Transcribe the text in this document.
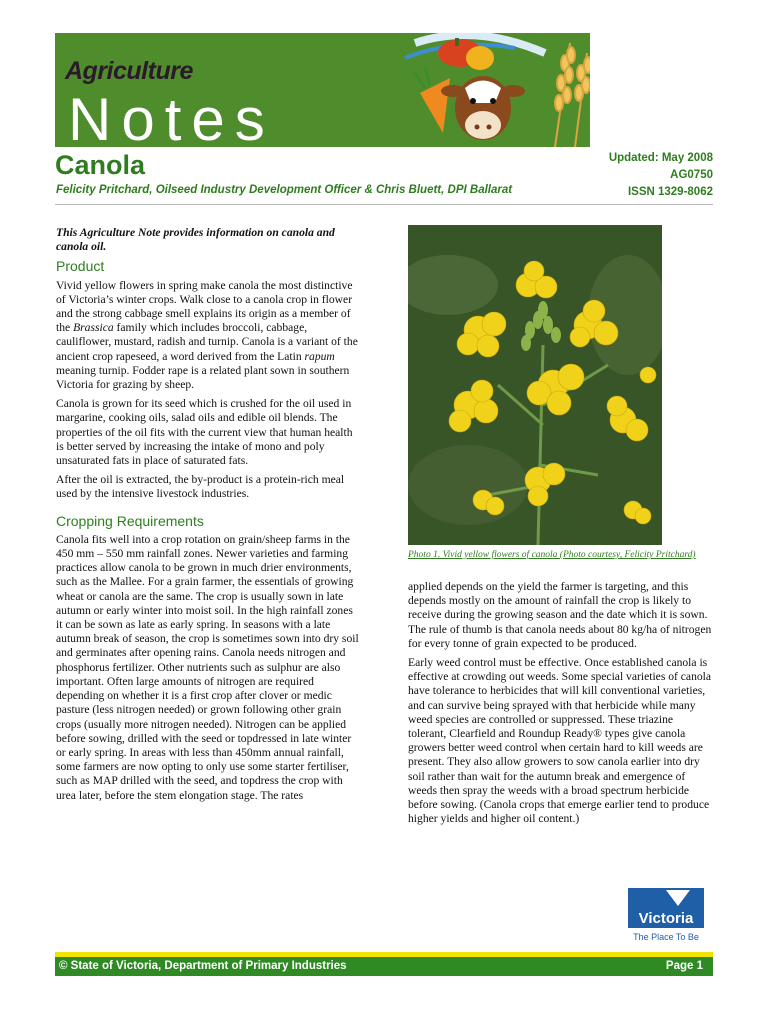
Agriculture
Notes
Canola
Felicity Pritchard, Oilseed Industry Development Officer & Chris Bluett, DPI Ballarat
Updated: May 2008
AG0750
ISSN 1329-8062

This Agriculture Note provides information on canola and canola oil.

Product

Vivid yellow flowers in spring make canola the most distinctive of Victoria’s winter crops. Walk close to a canola crop in flower and the strong cabbage smell explains its origin as a member of the Brassica family which includes broccoli, cabbage, cauliflower, mustard, radish and turnip. Canola is a variant of the ancient crop rapeseed, a word derived from the Latin rapum meaning turnip. Fodder rape is a related plant sown in southern Victoria for grazing by sheep.

Canola is grown for its seed which is crushed for the oil used in margarine, cooking oils, salad oils and edible oil blends. The properties of the oil fits with the current view that human health is better served by increasing the intake of mono and poly unsaturated fats in place of saturated fats.

After the oil is extracted, the by-product is a protein-rich meal used by the intensive livestock industries.

Cropping Requirements

Canola fits well into a crop rotation on grain/sheep farms in the 450 mm – 550 mm rainfall zones. Newer varieties and farming practices allow canola to be grown in much drier environments, such as the Mallee. For a grain farmer, the essentials of growing wheat or canola are the same. The crop is usually sown in late autumn or early winter into moist soil. In the high rainfall zones it can be sown as late as early spring. In seasons with a late autumn break of season, the crop is sometimes sown into dry soil and germinates after opening rains. Canola needs nitrogen and phosphorus fertilizer. Other nutrients such as sulphur are also important. Often large amounts of nitrogen are required depending on whether it is a first crop after clover or medic pasture (less nitrogen needed) or grown following other grain crops (usually more nitrogen needed). Nitrogen can be applied before sowing, drilled with the seed or topdressed in late winter or early spring. In areas with less than 450mm annual rainfall, some farmers are now opting to only use some starter fertiliser, such as MAP drilled with the seed, and topdress the crop with urea later, before the stem elongation stage. The rates

Photo 1. Vivid yellow flowers of canola (Photo courtesy, Felicity Pritchard)

applied depends on the yield the farmer is targeting, and this depends mostly on the amount of rainfall the crop is likely to receive during the growing season and the date which it is sown. The rule of thumb is that canola needs about 80 kg/ha of nitrogen for every tonne of grain expected to be produced.

Early weed control must be effective. Once established canola is effective at crowding out weeds. Some special varieties of canola have tolerance to herbicides that will kill conventional varieties, and can survive being sprayed with that herbicide while many weed species are controlled or suppressed. These triazine tolerant, Clearfield and Roundup Ready® types give canola growers better weed control when certain hard to kill weeds are present. They also allow growers to sow canola earlier into dry soil rather than wait for the autumn break and emergence of weeds then spray the weeds with a broad spectrum herbicide before sowing. (Canola crops that emerge earlier tend to produce higher yields and higher oil content.)

Victoria
The Place To Be
© State of Victoria, Department of Primary Industries	Page 1
